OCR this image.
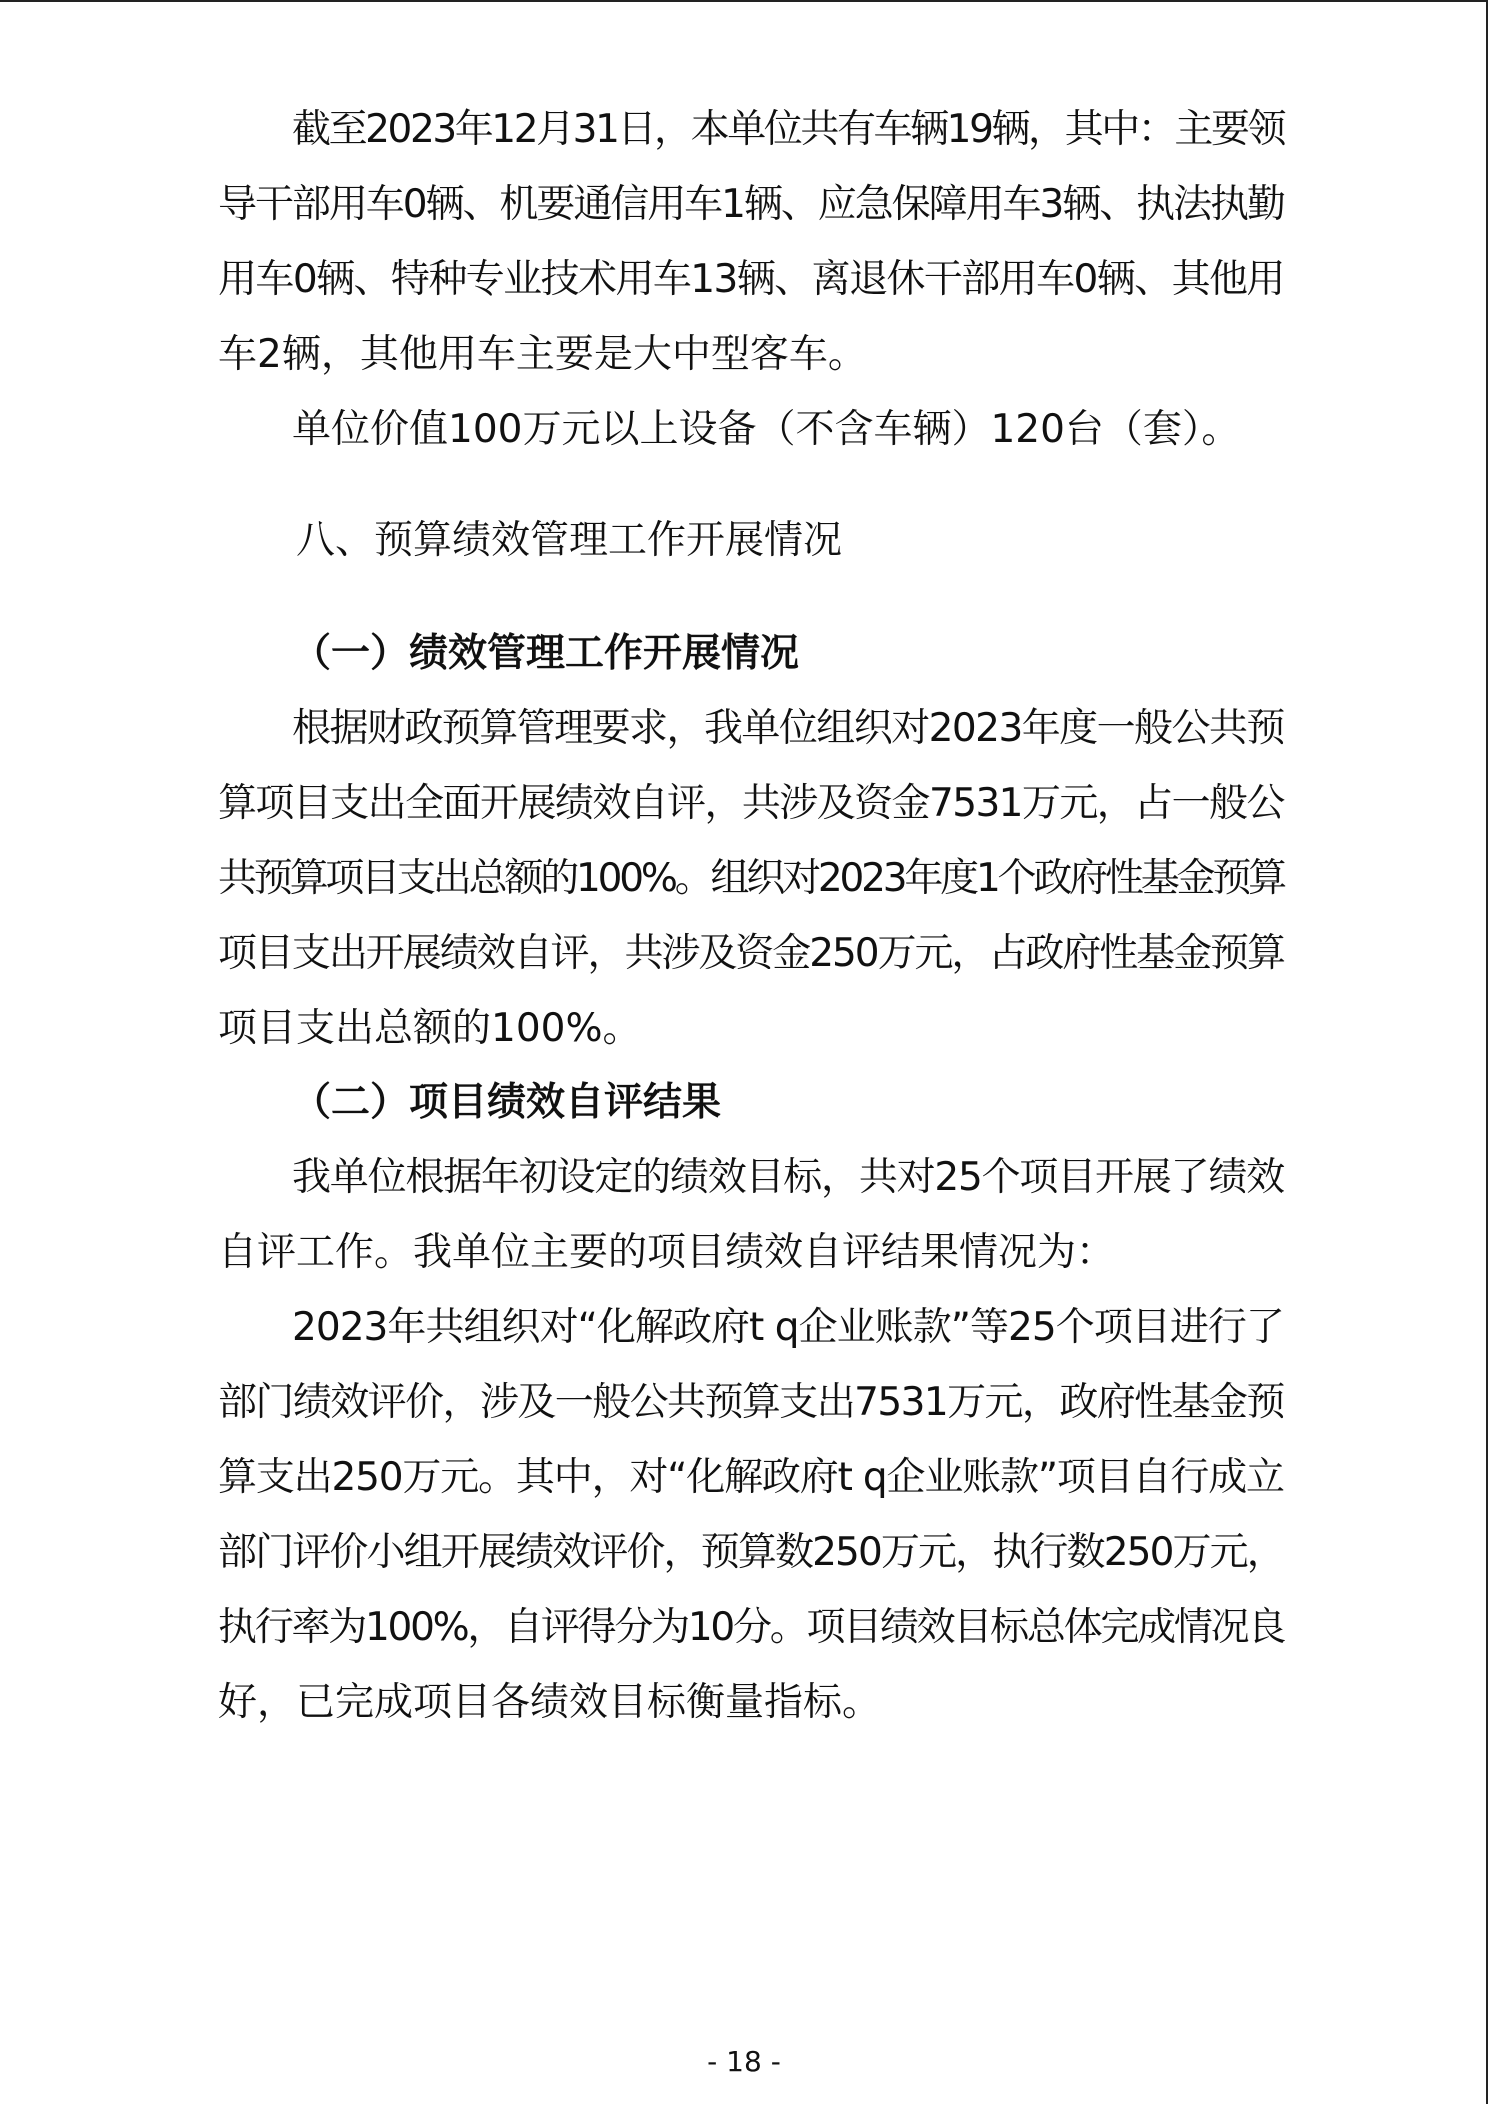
截至2023年12月31日，本单位共有车辆19辆，其中：主要领
导干部用车0辆、机要通信用车1辆、应急保障用车3辆、执法执勤
用车0辆、特种专业技术用车13辆、离退休干部用车0辆、其他用
车2辆，其他用车主要是大中型客车。
单位价值100万元以上设备（不含车辆）120台（套）。
八、预算绩效管理工作开展情况
（一）绩效管理工作开展情况
根据财政预算管理要求，我单位组织对2023年度一般公共预
算项目支出全面开展绩效自评，共涉及资金7531万元，占一般公
共预算项目支出总额的100%。组织对2023年度1个政府性基金预算
项目支出开展绩效自评，共涉及资金250万元，占政府性基金预算
项目支出总额的100%。
（二）项目绩效自评结果
我单位根据年初设定的绩效目标，共对25个项目开展了绩效
自评工作。我单位主要的项目绩效自评结果情况为：
2023年共组织对“化解政府t q企业账款”等25个项目进行了
部门绩效评价，涉及一般公共预算支出7531万元，政府性基金预
算支出250万元。其中，对“化解政府t q企业账款”项目自行成立
部门评价小组开展绩效评价，预算数250万元，执行数250万元，
执行率为100%，自评得分为10分。项目绩效目标总体完成情况良
好，已完成项目各绩效目标衡量指标。
- 18 -
